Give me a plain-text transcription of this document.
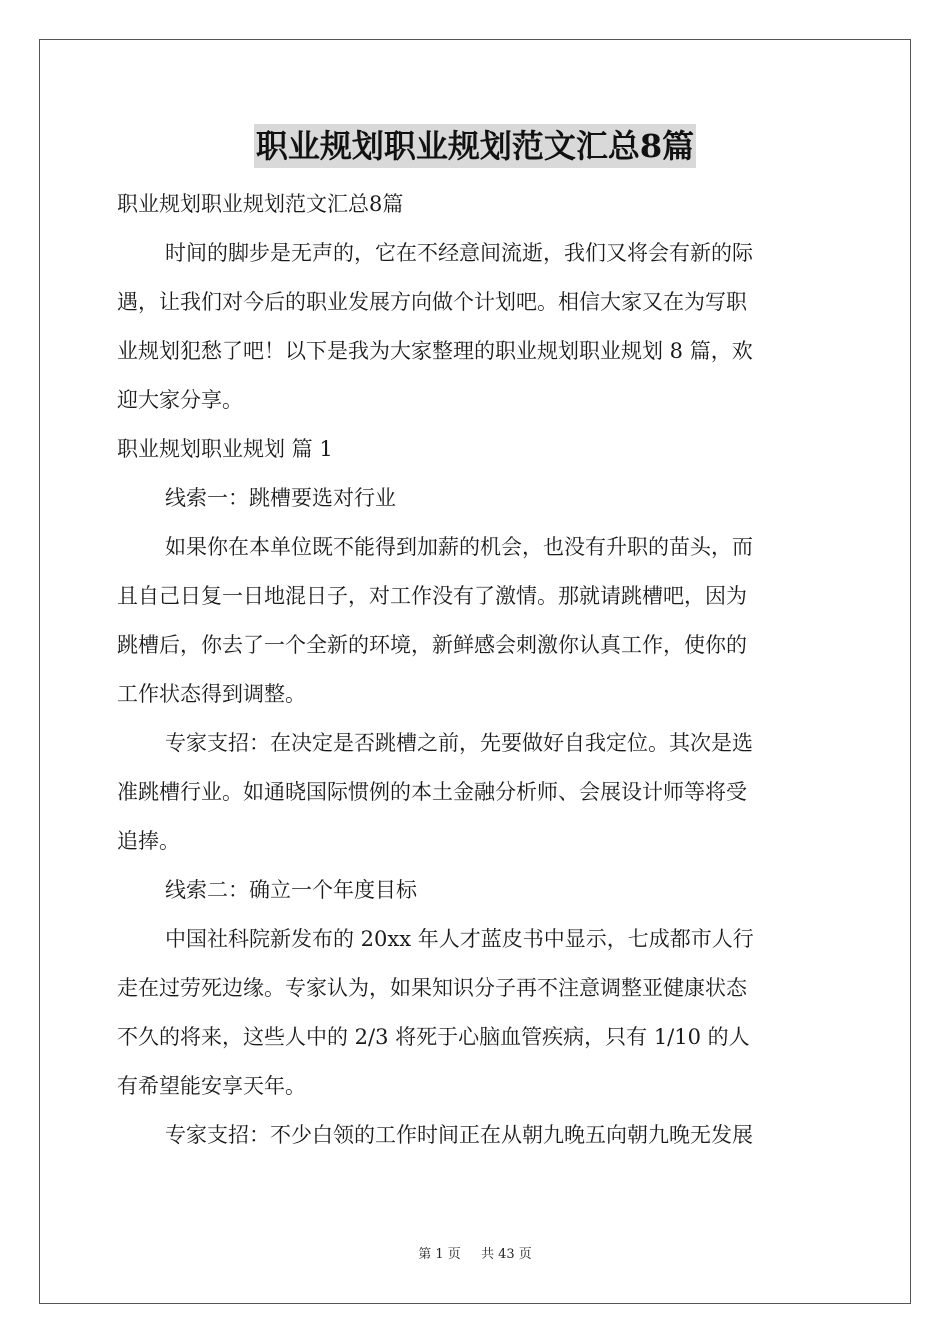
职业规划职业规划范文汇总8篇

职业规划职业规划范文汇总8篇

时间的脚步是无声的，它在不经意间流逝，我们又将会有新的际

遇，让我们对今后的职业发展方向做个计划吧。相信大家又在为写职

业规划犯愁了吧！以下是我为大家整理的职业规划职业规划 8 篇，欢

迎大家分享。

职业规划职业规划 篇 1

线索一：跳槽要选对行业

如果你在本单位既不能得到加薪的机会，也没有升职的苗头，而

且自己日复一日地混日子，对工作没有了激情。那就请跳槽吧，因为

跳槽后，你去了一个全新的环境，新鲜感会刺激你认真工作，使你的

工作状态得到调整。

专家支招：在决定是否跳槽之前，先要做好自我定位。其次是选

准跳槽行业。如通晓国际惯例的本土金融分析师、会展设计师等将受

追捧。

线索二：确立一个年度目标

中国社科院新发布的 20xx 年人才蓝皮书中显示，七成都市人行

走在过劳死边缘。专家认为，如果知识分子再不注意调整亚健康状态

不久的将来，这些人中的 2/3 将死于心脑血管疾病，只有 1/10 的人

有希望能安享天年。

专家支招：不少白领的工作时间正在从朝九晚五向朝九晚无发展

第 1 页 共 43 页
